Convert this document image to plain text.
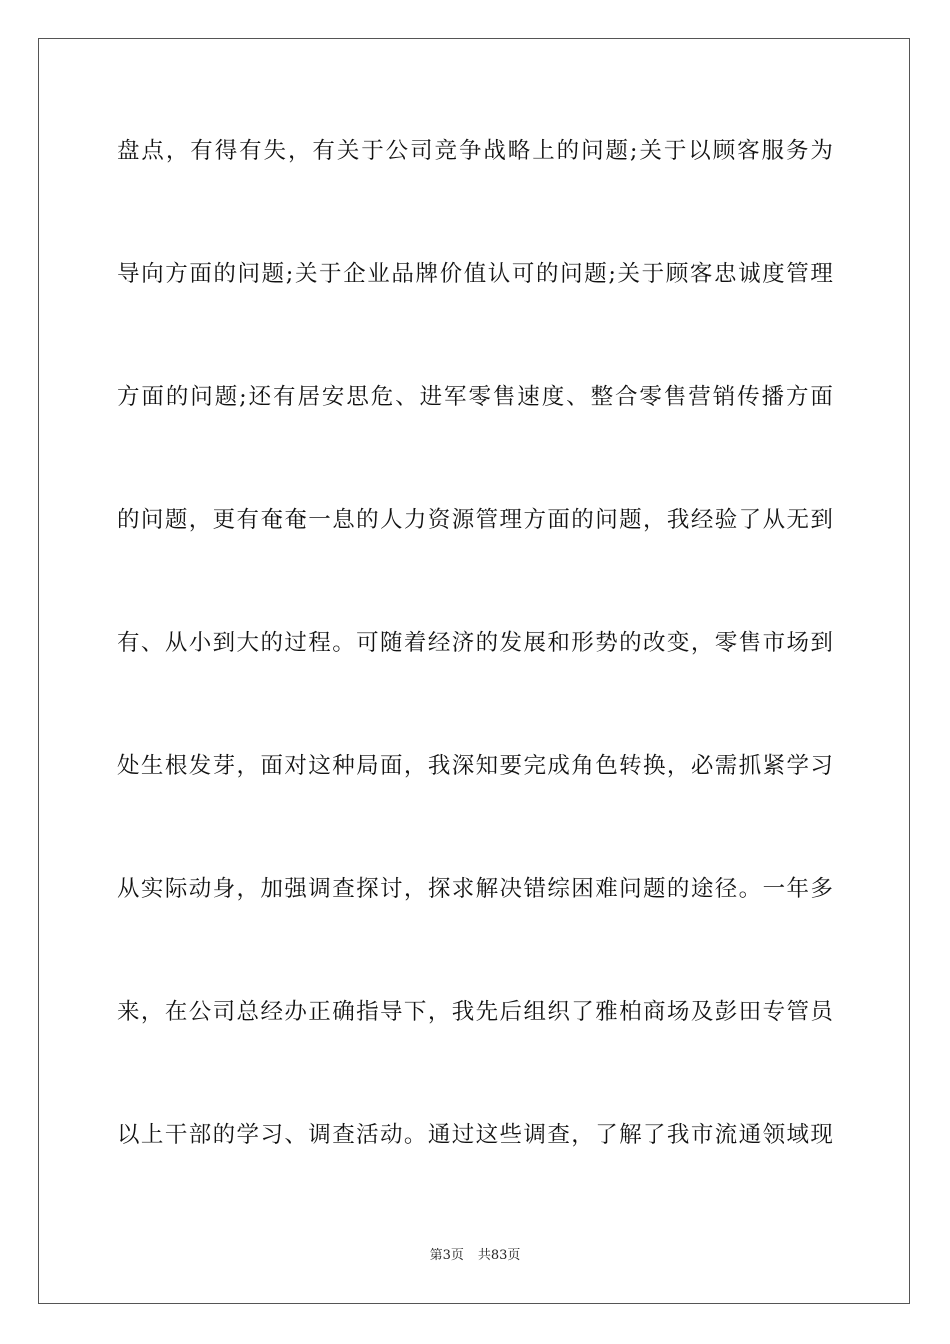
盘点，有得有失，有关于公司竞争战略上的问题;关于以顾客服务为
导向方面的问题;关于企业品牌价值认可的问题;关于顾客忠诚度管理
方面的问题;还有居安思危、进军零售速度、整合零售营销传播方面
的问题，更有奄奄一息的人力资源管理方面的问题，我经验了从无到
有、从小到大的过程。可随着经济的发展和形势的改变，零售市场到
处生根发芽，面对这种局面，我深知要完成角色转换，必需抓紧学习
从实际动身，加强调查探讨，探求解决错综困难问题的途径。一年多
来，在公司总经办正确指导下，我先后组织了雅柏商场及彭田专管员
以上干部的学习、调查活动。通过这些调查，了解了我市流通领域现
第3页 共83页
